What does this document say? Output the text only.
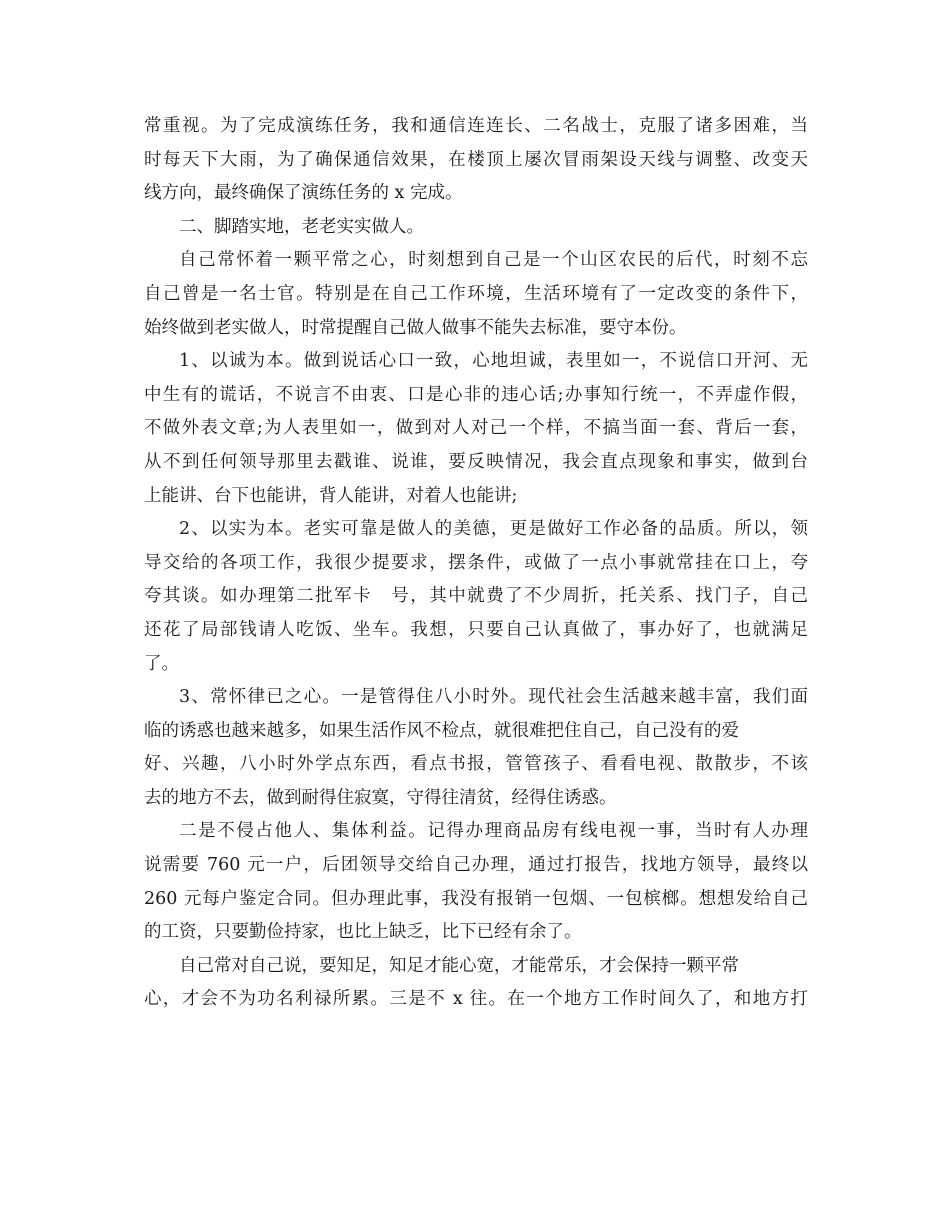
常重视。为了完成演练任务，我和通信连连长、二名战士，克服了诸多困难，当
时每天下大雨，为了确保通信效果，在楼顶上屡次冒雨架设天线与调整、改变天
线方向，最终确保了演练任务的 x 完成。
二、脚踏实地，老老实实做人。
自己常怀着一颗平常之心，时刻想到自己是一个山区农民的后代，时刻不忘
自己曾是一名士官。特别是在自己工作环境，生活环境有了一定改变的条件下，
始终做到老实做人，时常提醒自己做人做事不能失去标准，要守本份。
1、以诚为本。做到说话心口一致，心地坦诚，表里如一，不说信口开河、无
中生有的谎话，不说言不由衷、口是心非的违心话;办事知行统一，不弄虚作假，
不做外表文章;为人表里如一，做到对人对己一个样，不搞当面一套、背后一套，
从不到任何领导那里去戳谁、说谁，要反映情况，我会直点现象和事实，做到台
上能讲、台下也能讲，背人能讲，对着人也能讲;
2、以实为本。老实可靠是做人的美德，更是做好工作必备的品质。所以，领
导交给的各项工作，我很少提要求，摆条件，或做了一点小事就常挂在口上，夸
夸其谈。如办理第二批军卡　号，其中就费了不少周折，托关系、找门子，自己
还花了局部钱请人吃饭、坐车。我想，只要自己认真做了，事办好了，也就满足
了。
3、常怀律已之心。一是管得住八小时外。现代社会生活越来越丰富，我们面
临的诱惑也越来越多，如果生活作风不检点，就很难把住自己，自己没有的爱
好、兴趣，八小时外学点东西，看点书报，管管孩子、看看电视、散散步，不该
去的地方不去，做到耐得住寂寞，守得往清贫，经得住诱惑。
二是不侵占他人、集体利益。记得办理商品房有线电视一事，当时有人办理
说需要 760 元一户，后团领导交给自己办理，通过打报告，找地方领导，最终以
260 元每户鉴定合同。但办理此事，我没有报销一包烟、一包槟榔。想想发给自己
的工资，只要勤俭持家，也比上缺乏，比下已经有余了。
自己常对自己说，要知足，知足才能心宽，才能常乐，才会保持一颗平常
心，才会不为功名利禄所累。三是不 x 往。在一个地方工作时间久了，和地方打
